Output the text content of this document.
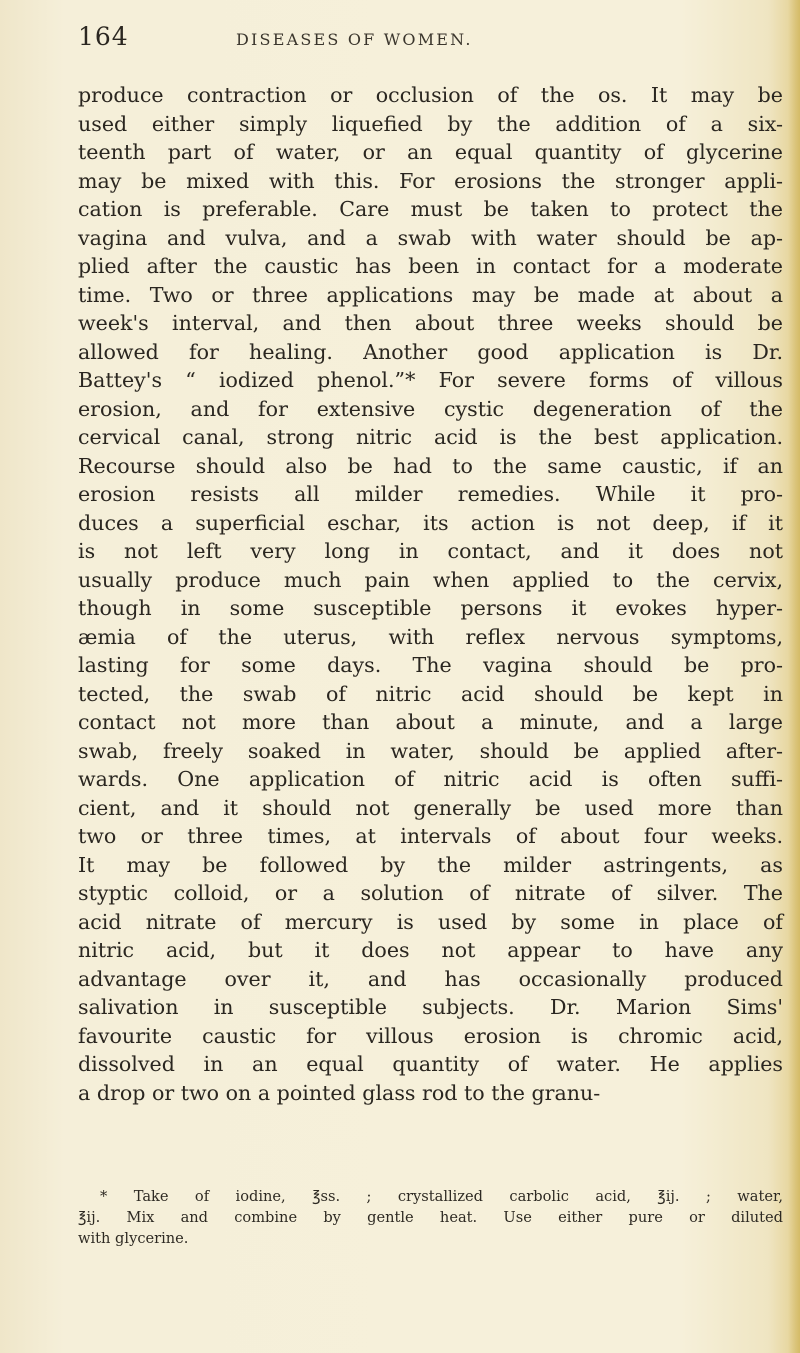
164	DISEASES OF WOMEN.
produce contraction or occlusion of the os. It may be
used either simply liquefied by the addition of a six-
teenth part of water, or an equal quantity of glycerine
may be mixed with this. For erosions the stronger appli-
cation is preferable. Care must be taken to protect the
vagina and vulva, and a swab with water should be ap-
plied after the caustic has been in contact for a moderate
time. Two or three applications may be made at about a
week's interval, and then about three weeks should be
allowed for healing. Another good application is Dr.
Battey's “ iodized phenol.”* For severe forms of villous
erosion, and for extensive cystic degeneration of the
cervical canal, strong nitric acid is the best application.
Recourse should also be had to the same caustic, if an
erosion resists all milder remedies. While it pro-
duces a superficial eschar, its action is not deep, if it
is not left very long in contact, and it does not
usually produce much pain when applied to the cervix,
though in some susceptible persons it evokes hyper-
æmia of the uterus, with reflex nervous symptoms,
lasting for some days. The vagina should be pro-
tected, the swab of nitric acid should be kept in
contact not more than about a minute, and a large
swab, freely soaked in water, should be applied after-
wards. One application of nitric acid is often suffi-
cient, and it should not generally be used more than
two or three times, at intervals of about four weeks.
It may be followed by the milder astringents, as
styptic colloid, or a solution of nitrate of silver. The
acid nitrate of mercury is used by some in place of
nitric acid, but it does not appear to have any
advantage over it, and has occasionally produced
salivation in susceptible subjects. Dr. Marion Sims'
favourite caustic for villous erosion is chromic acid,
dissolved in an equal quantity of water. He applies
a drop or two on a pointed glass rod to the granu-
* Take of iodine, ℥ss. ; crystallized carbolic acid, ℥ij. ; water,
℥ij. Mix and combine by gentle heat. Use either pure or diluted
with glycerine.
